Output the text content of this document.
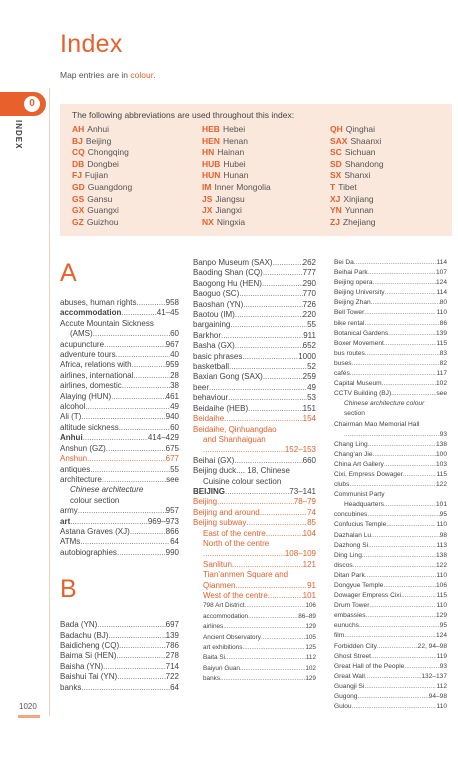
Index
Map entries are in colour.
0
INDEX
The following abbreviations are used throughout this index:
AH Anhui
BJ Beijing
CQ Chongqing
DB Dongbei
FJ Fujian
GD Guangdong
GS Gansu
GX Guangxi
GZ Guizhou
HEB Hebei
HEN Henan
HN Hainan
HUB Hubei
HUN Hunan
IM Inner Mongolia
JS Jiangsu
JX Jiangxi
NX Ningxia
QH Qinghai
SAX Shaanxi
SC Sichuan
SD Shandong
SX Shanxi
T Tibet
XJ Xinjiang
YN Yunnan
ZJ Zhejiang
A
abuses, human rights .....	958
accommodation .....	41–45
Accute Mountain Sickness
(AMS) .....	60
acupuncture .....	967
adventure tours .....	40
Africa, relations with .....	959
airlines, international .....	28
airlines, domestic .....	38
Alaying (HUN) .....	461
alcohol .....	49
Ali (T) .....	940
altitude sickness .....	60
Anhui .....	414–429
Anshun (GZ) .....	675
Anshun .....	677
antiques .....	55
architecture .....	see
Chinese architecture
colour section
army .....	957
art .....	969–973
Astana Graves (XJ) .....	866
ATMs .....	64
autobiographies .....	990
B
Bada (YN) .....	697
Badachu (BJ) .....	139
Baidicheng (CQ) .....	786
Baima Si (HEN) .....	278
Baisha (YN) .....	714
Baishui Tai (YN) .....	722
banks .....	64
Banpo Museum (SAX) .....	262
Baoding Shan (CQ) .....	777
Baogong Hu (HEN) .....	290
Baoguo (SC) .....	770
Baoshan (YN) .....	726
Baotou (IM) .....	220
bargaining .....	55
Barkhor .....	911
Basha (GX) .....	652
basic phrases .....	1000
basketball .....	52
Baxian Gong (SAX) .....	259
beer .....	49
behaviour .....	53
Beidaihe (HEB) .....	151
Beidaihe .....	154
Beidaihe, Qinhuangdao
and Shanhaiguan
.....
152–153
Beihai (GX) .....	660
Beijing duck.... 18, Chinese
Cuisine colour section
BEIJING .....	73–141
Beijing .....	78–79
Beijing and around .....	74
Beijing subway .....	85
East of the centre .....	104
North of the centre
.....
108–109
Sanlitun .....	121
Tian’anmen Square and
Qianmen .....	91
West of the centre .....	101
798 Art District .....	106
accommodation .....	86–89
airlines .....	129
Ancient Observatory .....	105
art exhibitions .....	125
Baita Si .....	112
Baiyun Guan .....	102
banks .....	129
Bei Da .....	114
Beihai Park .....	107
Beijing opera .....	124
Beijing University .....	114
Beijing Zhan .....	80
Bell Tower .....	110
bike rental .....	86
Botanical Gardens .....	139
Boxer Movement .....	115
bus routes .....	83
buses .....	82
cafés .....	117
Capital Museum .....	102
CCTV Building (BJ) .....	see
Chinese architecture colour
section
Chairman Mao Memorial Hall
.....
93
Chang Ling .....	138
Chang’an Jie .....	100
China Art Gallery .....	103
Cixi, Empress Dowager .....	115
clubs .....	122
Communist Party
Headquarters .....	101
concubines .....	95
Confucius Temple .....	110
Dazhalan Lu .....	98
Dazhong Si .....	113
Ding Ling .....	138
discos .....	122
Ditan Park .....	110
Dongyue Temple .....	106
Dowager Empress Cixi .....	115
Drum Tower .....	110
embassies .....	129
eunuchs .....	95
film .....	124
Forbidden City .....	22, 94–98
Ghost Street .....	119
Great Hall of the People .....	93
Great Wall .....	132–137
Guangji Si .....	112
Gugong .....	94–98
Gulou .....	110
1020
